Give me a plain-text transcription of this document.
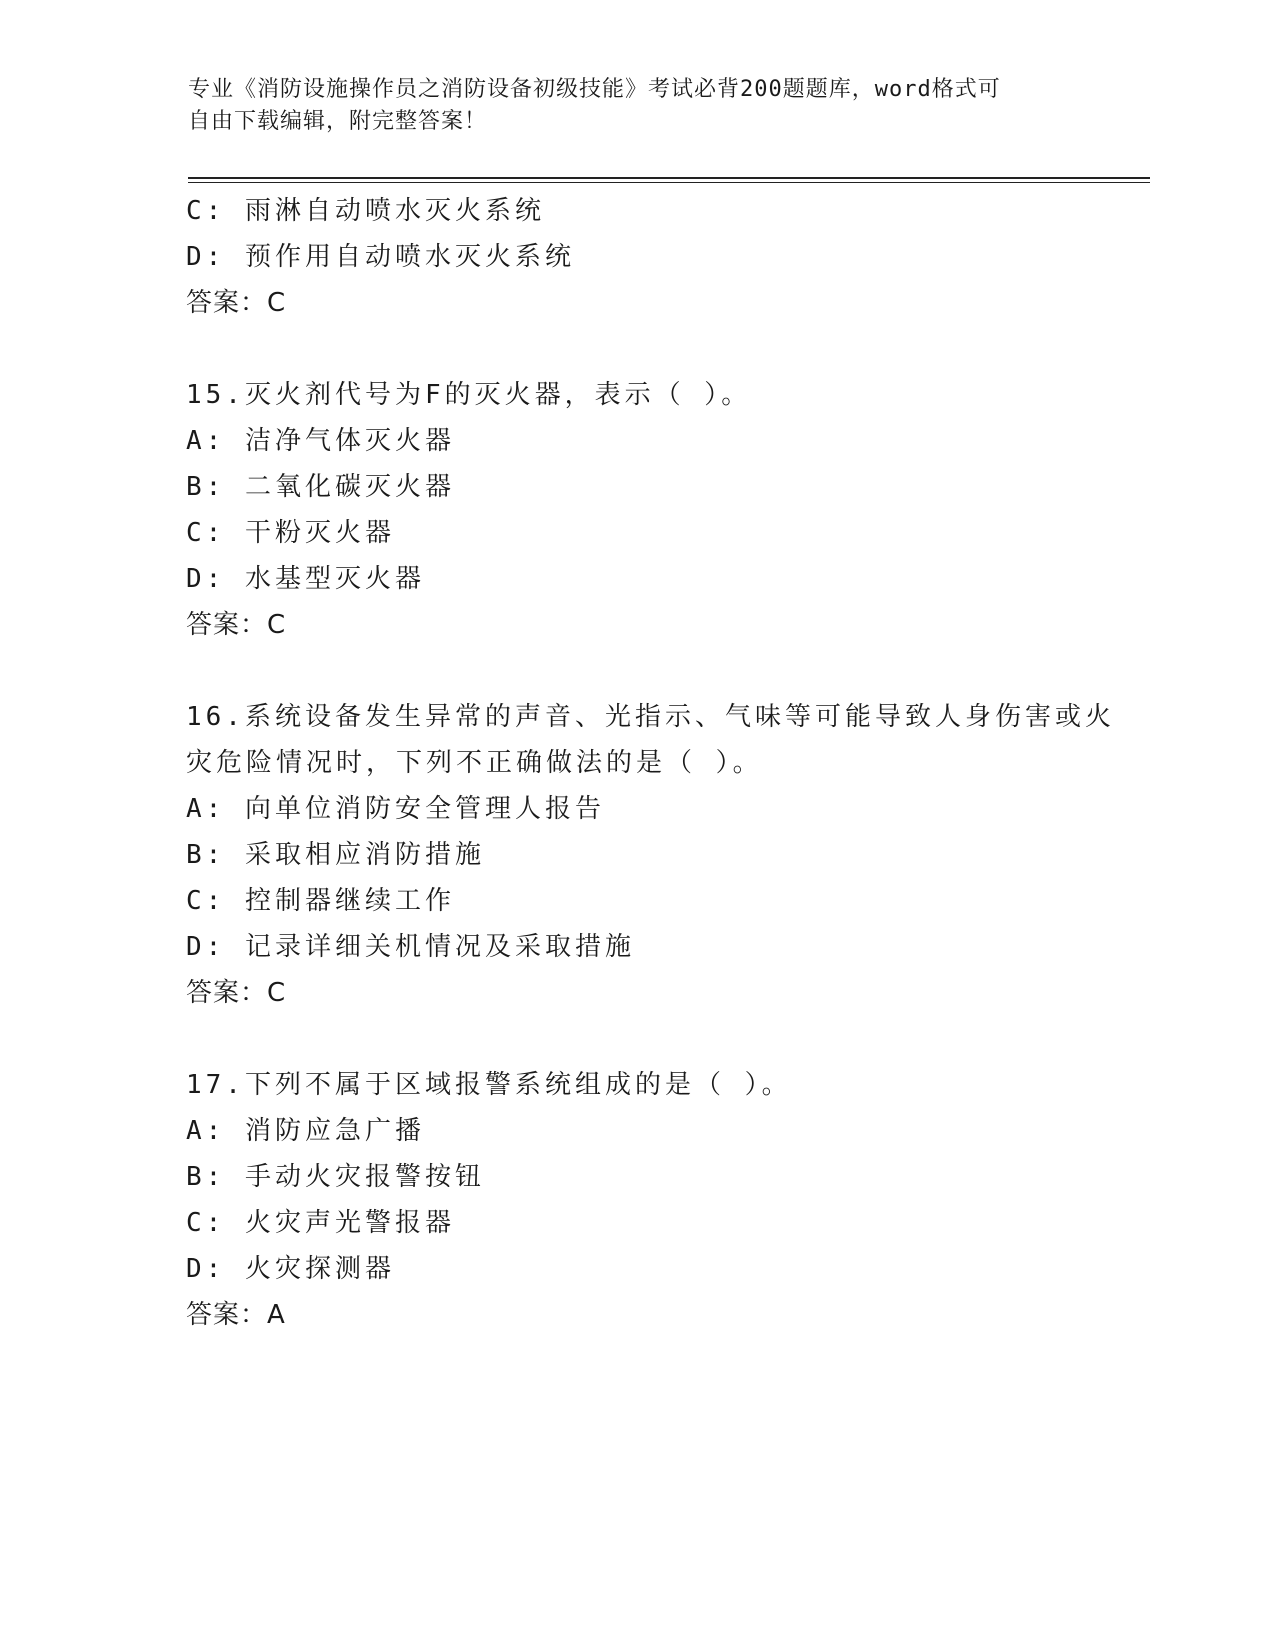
专业《消防设施操作员之消防设备初级技能》考试必背200题题库，word格式可
自由下载编辑，附完整答案！
C: 雨淋自动喷水灭火系统
D: 预作用自动喷水灭火系统
答案：C
15.灭火剂代号为F的灭火器，表示（ ）。
A: 洁净气体灭火器
B: 二氧化碳灭火器
C: 干粉灭火器
D: 水基型灭火器
答案：C
16.系统设备发生异常的声音、光指示、气味等可能导致人身伤害或火
灾危险情况时，下列不正确做法的是（ ）。
A: 向单位消防安全管理人报告
B: 采取相应消防措施
C: 控制器继续工作
D: 记录详细关机情况及采取措施
答案：C
17.下列不属于区域报警系统组成的是（ ）。
A: 消防应急广播
B: 手动火灾报警按钮
C: 火灾声光警报器
D: 火灾探测器
答案：A
